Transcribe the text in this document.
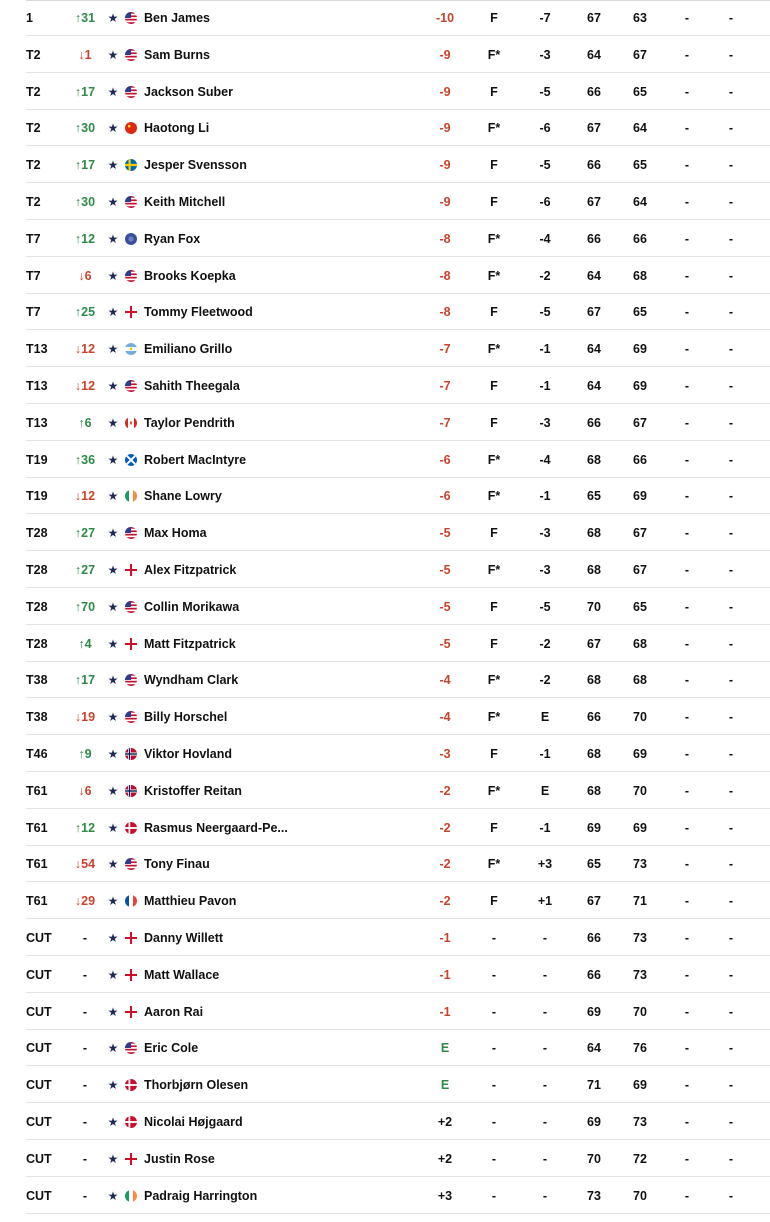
1	↑31	★ Ben James	-10	F	-7	67	63	-	-
T2	↓1	★ Sam Burns	-9	F*	-3	64	67	-	-
T2	↑17	★ Jackson Suber	-9	F	-5	66	65	-	-
T2	↑30	★ Haotong Li	-9	F*	-6	67	64	-	-
T2	↑17	★ Jesper Svensson	-9	F	-5	66	65	-	-
T2	↑30	★ Keith Mitchell	-9	F	-6	67	64	-	-
T7	↑12	★ Ryan Fox	-8	F*	-4	66	66	-	-
T7	↓6	★ Brooks Koepka	-8	F*	-2	64	68	-	-
T7	↑25	★ Tommy Fleetwood	-8	F	-5	67	65	-	-
T13	↓12	★ Emiliano Grillo	-7	F*	-1	64	69	-	-
T13	↓12	★ Sahith Theegala	-7	F	-1	64	69	-	-
T13	↑6	★ Taylor Pendrith	-7	F	-3	66	67	-	-
T19	↑36	★ Robert MacIntyre	-6	F*	-4	68	66	-	-
T19	↓12	★ Shane Lowry	-6	F*	-1	65	69	-	-
T28	↑27	★ Max Homa	-5	F	-3	68	67	-	-
T28	↑27	★ Alex Fitzpatrick	-5	F*	-3	68	67	-	-
T28	↑70	★ Collin Morikawa	-5	F	-5	70	65	-	-
T28	↑4	★ Matt Fitzpatrick	-5	F	-2	67	68	-	-
T38	↑17	★ Wyndham Clark	-4	F*	-2	68	68	-	-
T38	↓19	★ Billy Horschel	-4	F*	E	66	70	-	-
T46	↑9	★ Viktor Hovland	-3	F	-1	68	69	-	-
T61	↓6	★ Kristoffer Reitan	-2	F*	E	68	70	-	-
T61	↑12	★ Rasmus Neergaard-Pe...	-2	F	-1	69	69	-	-
T61	↓54	★ Tony Finau	-2	F*	+3	65	73	-	-
T61	↓29	★ Matthieu Pavon	-2	F	+1	67	71	-	-
CUT	-	★ Danny Willett	-1	-	-	66	73	-	-
CUT	-	★ Matt Wallace	-1	-	-	66	73	-	-
CUT	-	★ Aaron Rai	-1	-	-	69	70	-	-
CUT	-	★ Eric Cole	E	-	-	64	76	-	-
CUT	-	★ Thorbjørn Olesen	E	-	-	71	69	-	-
CUT	-	★ Nicolai Højgaard	+2	-	-	69	73	-	-
CUT	-	★ Justin Rose	+2	-	-	70	72	-	-
CUT	-	★ Padraig Harrington	+3	-	-	73	70	-	-
